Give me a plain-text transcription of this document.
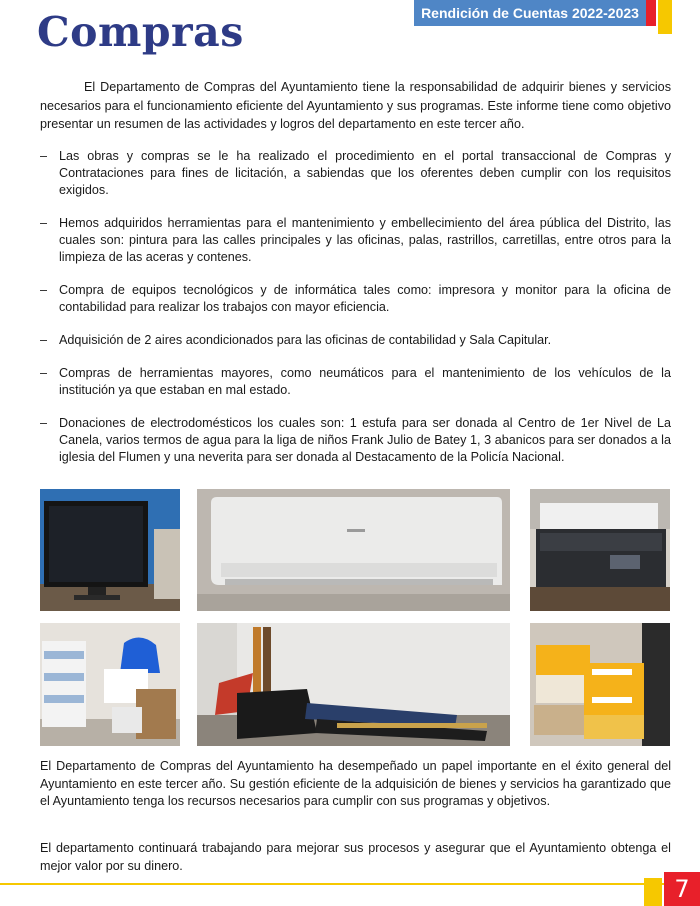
Rendición de Cuentas 2022-2023
Compras

El Departamento de Compras del Ayuntamiento tiene la responsabilidad de adquirir bienes y servicios necesarios para el funcionamiento eficiente del Ayuntamiento y sus programas. Este informe tiene como objetivo presentar un resumen de las actividades y logros del departamento en este tercer año.

– Las obras y compras se le ha realizado el procedimiento en el portal transaccional de Compras y Contrataciones para fines de licitación, a sabiendas que los oferentes deben cumplir con los requisitos exigidos.
– Hemos adquiridos herramientas para el mantenimiento y embellecimiento del área pública del Distrito, las cuales son: pintura para las calles principales y las oficinas, palas, rastrillos, carretillas, entre otros para la limpieza de las aceras y contenes.
– Compra de equipos tecnológicos y de informática tales como: impresora y monitor para la oficina de contabilidad para realizar los trabajos con mayor eficiencia.
– Adquisición de 2 aires acondicionados para las oficinas de contabilidad y Sala Capitular.
– Compras de herramientas mayores, como neumáticos para el mantenimiento de los vehículos de la institución ya que estaban en mal estado.
– Donaciones de electrodomésticos los cuales son: 1 estufa para ser donada al Centro de 1er Nivel de La Canela, varios termos de agua para la liga de niños Frank Julio de Batey 1, 3 abanicos para ser donados a la iglesia del Flumen y una neverita para ser donada al Destacamento de la Policía Nacional.

El Departamento de Compras del Ayuntamiento ha desempeñado un papel importante en el éxito general del Ayuntamiento en este tercer año. Su gestión eficiente de la adquisición de bienes y servicios ha garantizado que el Ayuntamiento tenga los recursos necesarios para cumplir con sus programas y objetivos.

El departamento continuará trabajando para mejorar sus procesos y asegurar que el Ayuntamiento obtenga el mejor valor por su dinero.

7
